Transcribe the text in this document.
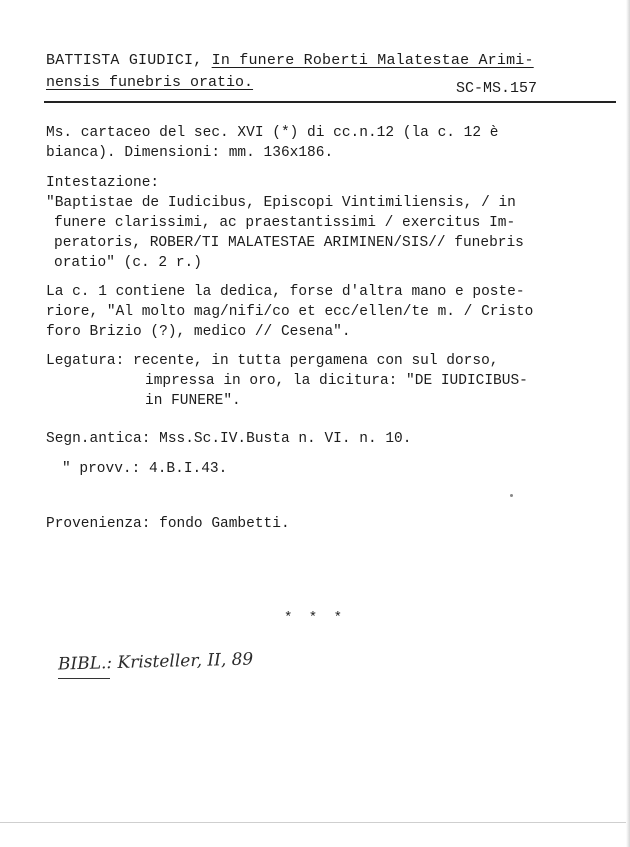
BATTISTA GIUDICI, In funere Roberti Malatestae Arimi-
nensis funebris oratio.	SC-MS.157
Ms. cartaceo del sec. XVI (*) di cc.n.12 (la c. 12 è
bianca). Dimensioni: mm. 136x186.
Intestazione:
"Baptistae de Iudicibus, Episcopi Vintimiliensis, / in
funere clarissimi, ac praestantissimi / exercitus Im-
peratoris, ROBER/TI MALATESTAE ARIMINEN/SIS// funebris
oratio" (c. 2 r.)
La c. 1 contiene la dedica, forse d'altra mano e poste-
riore, "Al molto mag/nifi/co et ecc/ellen/te m. / Cristo
foro Brizio (?), medico // Cesena".
Legatura: recente, in tutta pergamena con sul dorso,
impressa in oro, la dicitura: "DE IUDICIBUS-
in FUNERE".
Segn.antica: Mss.Sc.IV.Busta n. VI. n. 10.
" provv.: 4.B.I.43.
Provenienza: fondo Gambetti.
* * *
BIBL.: Kristeller, II, 89
